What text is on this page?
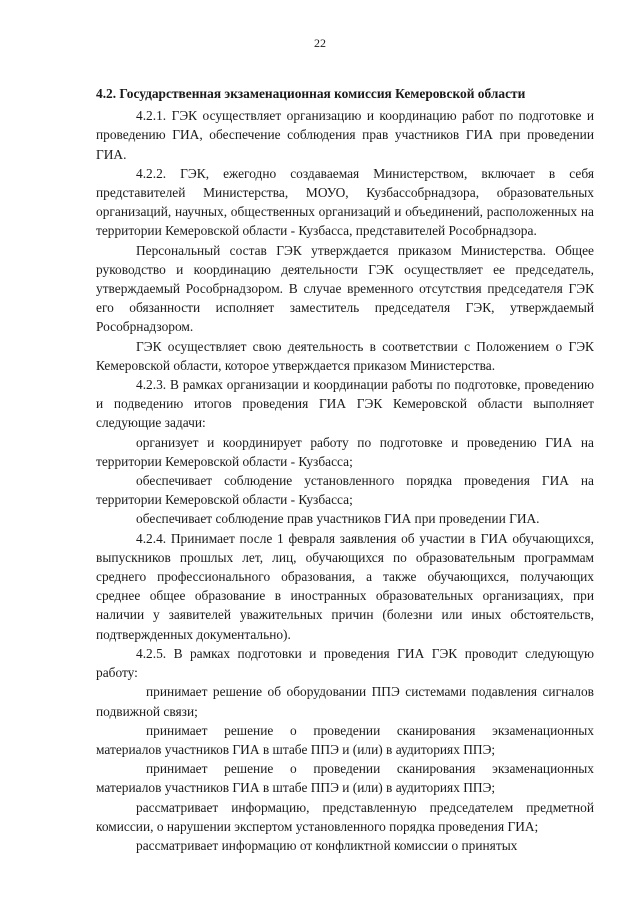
22

4.2. Государственная экзаменационная комиссия Кемеровской области

4.2.1. ГЭК осуществляет организацию и координацию работ по подготовке и проведению ГИА, обеспечение соблюдения прав участников ГИА при проведении ГИА.

4.2.2. ГЭК, ежегодно создаваемая Министерством, включает в себя представителей Министерства, МОУО, Кузбассобрнадзора, образовательных организаций, научных, общественных организаций и объединений, расположенных на территории Кемеровской области - Кузбасса, представителей Рособрнадзора.

Персональный состав ГЭК утверждается приказом Министерства. Общее руководство и координацию деятельности ГЭК осуществляет ее председатель, утверждаемый Рособрнадзором. В случае временного отсутствия председателя ГЭК его обязанности исполняет заместитель председателя ГЭК, утверждаемый Рособрнадзором.

ГЭК осуществляет свою деятельность в соответствии с Положением о ГЭК Кемеровской области, которое утверждается приказом Министерства.

4.2.3. В рамках организации и координации работы по подготовке, проведению и подведению итогов проведения ГИА ГЭК Кемеровской области выполняет следующие задачи:

организует и координирует работу по подготовке и проведению ГИА на территории Кемеровской области - Кузбасса;

обеспечивает соблюдение установленного порядка проведения ГИА на территории Кемеровской области - Кузбасса;

обеспечивает соблюдение прав участников ГИА при проведении ГИА.

4.2.4. Принимает после 1 февраля заявления об участии в ГИА обучающихся, выпускников прошлых лет, лиц, обучающихся по образовательным программам среднего профессионального образования, а также обучающихся, получающих среднее общее образование в иностранных образовательных организациях, при наличии у заявителей уважительных причин (болезни или иных обстоятельств, подтвержденных документально).

4.2.5. В рамках подготовки и проведения ГИА ГЭК проводит следующую работу:

принимает решение об оборудовании ППЭ системами подавления сигналов подвижной связи;

принимает решение о проведении сканирования экзаменационных материалов участников ГИА в штабе ППЭ и (или) в аудиториях ППЭ;

принимает решение о проведении сканирования экзаменационных материалов участников ГИА в штабе ППЭ и (или) в аудиториях ППЭ;

рассматривает информацию, представленную председателем предметной комиссии, о нарушении экспертом установленного порядка проведения ГИА;

рассматривает информацию от конфликтной комиссии о принятых
